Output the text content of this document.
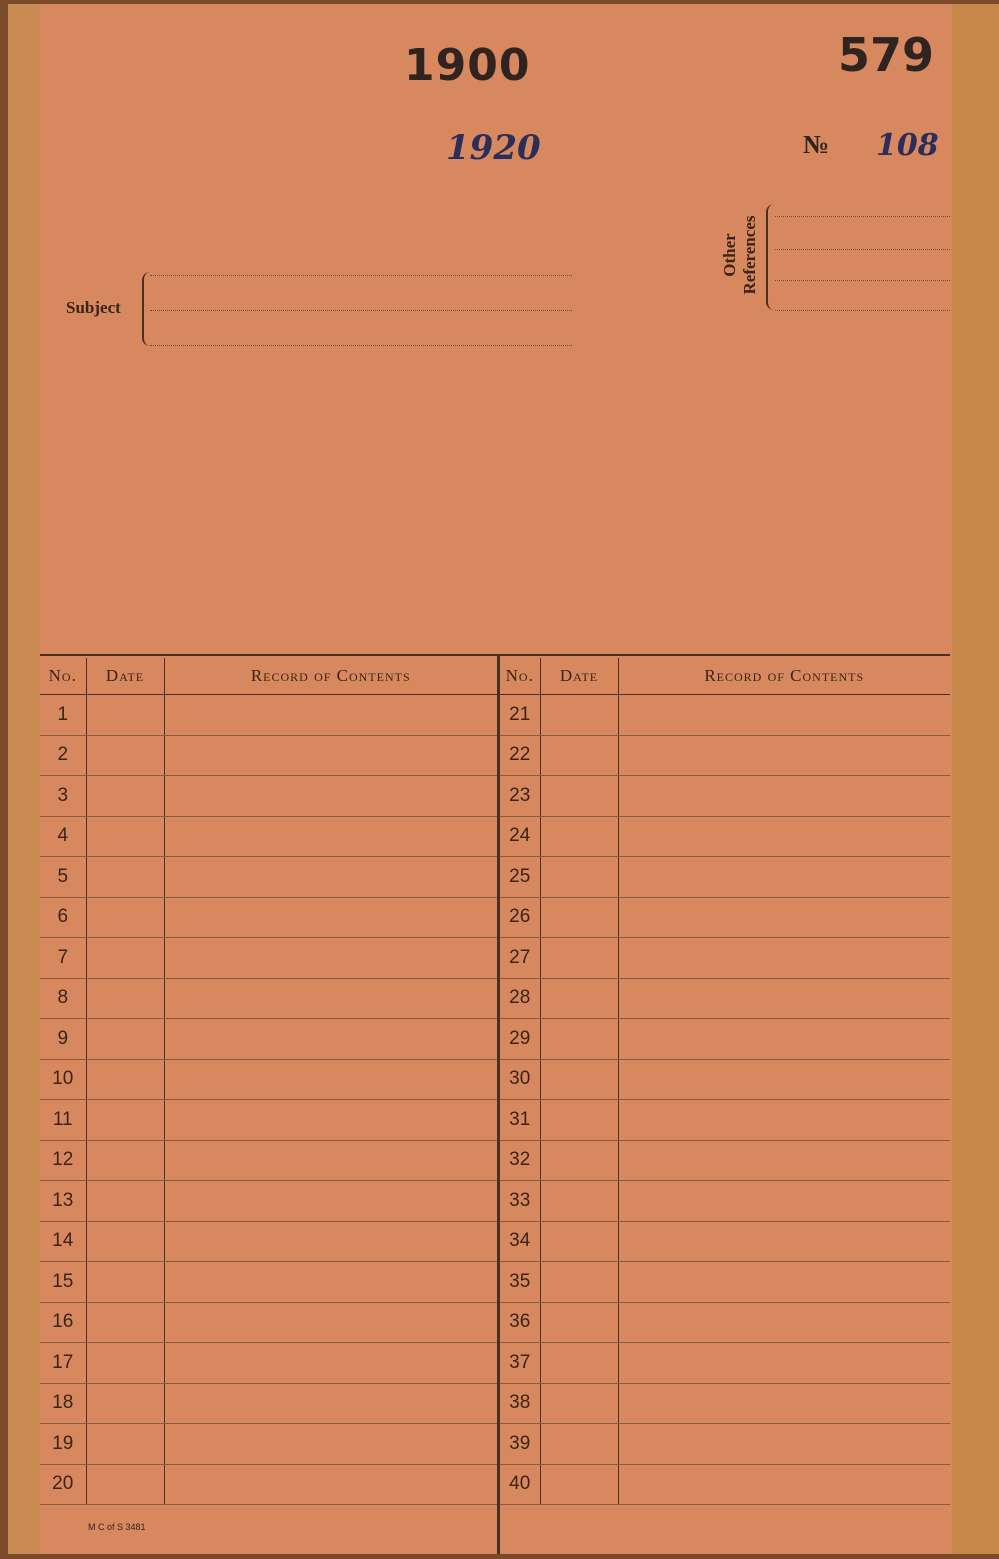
1900	579
1920	№ 108
Subject
Other References
No.	Date	Record of Contents
1		
2		
3		
4		
5		
6		
7		
8		
9		
10		
11		
12		
13		
14		
15		
16		
17		
18		
19		
20		
No.	Date	Record of Contents
21		
22		
23		
24		
25		
26		
27		
28		
29		
30		
31		
32		
33		
34		
35		
36		
37		
38		
39		
40		
M C of S 3481
